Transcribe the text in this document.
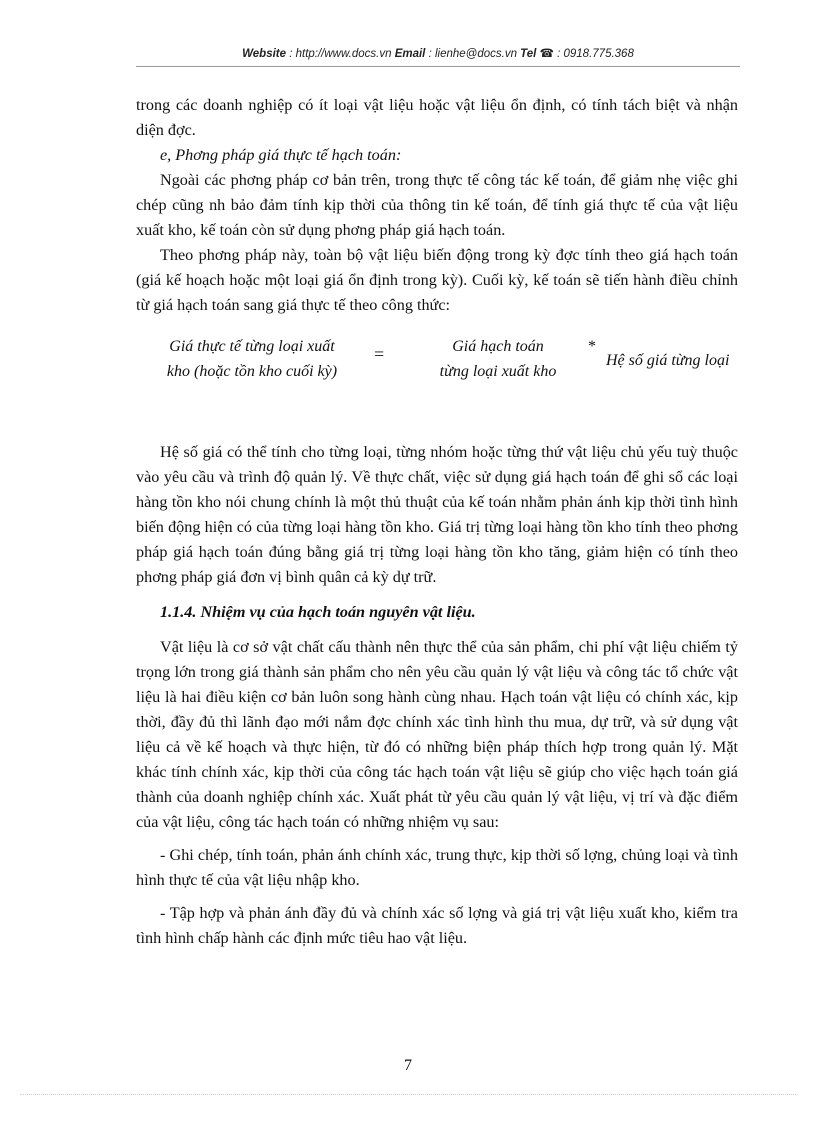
Website : http://www.docs.vn Email : lienhe@docs.vn Tel ☎ : 0918.775.368

trong các doanh nghiệp có ít loại vật liệu hoặc vật liệu ổn định, có tính tách biệt và nhận diện đợc.

e, Phơng pháp giá thực tế hạch toán:

Ngoài các phơng pháp cơ bản trên, trong thực tế công tác kế toán, để giảm nhẹ việc ghi chép cũng nh bảo đảm tính kịp thời của thông tin kế toán, để tính giá thực tế của vật liệu xuất kho, kế toán còn sử dụng phơng pháp giá hạch toán.

Theo phơng pháp này, toàn bộ vật liệu biến động trong kỳ đợc tính theo giá hạch toán (giá kế hoạch hoặc một loại giá ổn định trong kỳ). Cuối kỳ, kế toán sẽ tiến hành điều chỉnh từ giá hạch toán sang giá thực tế theo công thức:

Giá thực tế từng loại xuất
kho (hoặc tồn kho cuối kỳ)
=	Giá hạch toán
từng loại xuất kho
*
Hệ số giá từng loại

Hệ số giá có thể tính cho từng loại, từng nhóm hoặc từng thứ vật liệu chủ yếu tuỳ thuộc vào yêu cầu và trình độ quản lý. Về thực chất, việc sử dụng giá hạch toán để ghi sổ các loại hàng tồn kho nói chung chính là một thủ thuật của kế toán nhằm phản ánh kịp thời tình hình biến động hiện có của từng loại hàng tồn kho. Giá trị từng loại hàng tồn kho tính theo phơng pháp giá hạch toán đúng bằng giá trị từng loại hàng tồn kho tăng, giảm hiện có tính theo phơng pháp giá đơn vị bình quân cả kỳ dự trữ.

1.1.4. Nhiệm vụ của hạch toán nguyên vật liệu.

Vật liệu là cơ sở vật chất cấu thành nên thực thể của sản phẩm, chi phí vật liệu chiếm tỷ trọng lớn trong giá thành sản phẩm cho nên yêu cầu quản lý vật liệu và công tác tổ chức vật liệu là hai điều kiện cơ bản luôn song hành cùng nhau. Hạch toán vật liệu có chính xác, kịp thời, đầy đủ thì lãnh đạo mới nắm đợc chính xác tình hình thu mua, dự trữ, và sử dụng vật liệu cả về kế hoạch và thực hiện, từ đó có những biện pháp thích hợp trong quản lý. Mặt khác tính chính xác, kịp thời của công tác hạch toán vật liệu sẽ giúp cho việc hạch toán giá thành của doanh nghiệp chính xác. Xuất phát từ yêu cầu quản lý vật liệu, vị trí và đặc điểm của vật liệu, công tác hạch toán có những nhiệm vụ sau:

- Ghi chép, tính toán, phản ánh chính xác, trung thực, kịp thời số lợng, chủng loại và tình hình thực tế của vật liệu nhập kho.

- Tập hợp và phản ánh đầy đủ và chính xác số lợng và giá trị vật liệu xuất kho, kiểm tra tình hình chấp hành các định mức tiêu hao vật liệu.

7
